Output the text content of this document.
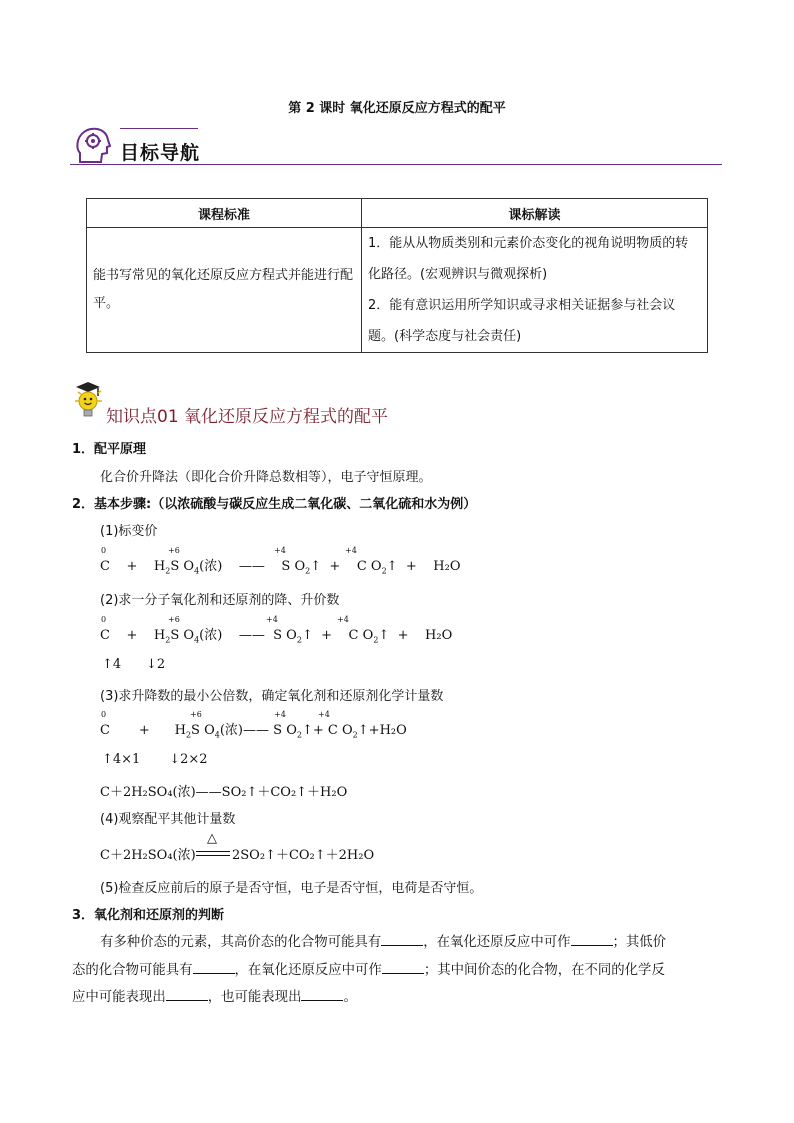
第 2 课时 氧化还原反应方程式的配平
目标导航
课程标准	课标解读
能书写常见的氧化还原反应方程式并能进行配平。	1．能从从物质类别和元素价态变化的视角说明物质的转化路径。(宏观辨识与微观探析)

2．能有意识运用所学知识或寻求相关证据参与社会议题。(科学态度与社会责任)

知识点01 氧化还原反应方程式的配平
1．配平原理
化合价升降法（即化合价升降总数相等），电子守恒原理。
2．基本步骤:（以浓硫酸与碳反应生成二氧化碳、二氧化硫和水为例）
(1)标变价
$C + H_2S$ $O_4$(浓) —— S $O_2↑ + C$ $O_2↑ + H_2O$
0	+6	+4	+4
(2)求一分子氧化剂和还原剂的降、升价数
$C + H_2S$ $O_4$(浓) —— S $O_2↑ + C$ $O_2↑ + H_2O$
0	+6	+4	+4
↑4      ↓2
(3)求升降数的最小公倍数，确定氧化剂和还原剂化学计量数
$C + H_2S$ $O_4$(浓)—— S $O_2↑+ C$ $O_2↑+H_2O$
0	+6	+4	+4
↑4×1       ↓2×2
C＋2H₂SO₄(浓)——SO₂↑＋CO₂↑＋H₂O
(4)观察配平其他计量数
C＋2H₂SO₄(浓)
△
2SO₂↑＋CO₂↑＋2H₂O
(5)检查反应前后的原子是否守恒，电子是否守恒，电荷是否守恒。
3．氧化剂和还原剂的判断
有多种价态的元素，其高价态的化合物可能具有	，在氧化还原反应中可作	；其低价
态的化合物可能具有	，在氧化还原反应中可作	；其中间价态的化合物，在不同的化学反
应中可能表现出	，也可能表现出	。
